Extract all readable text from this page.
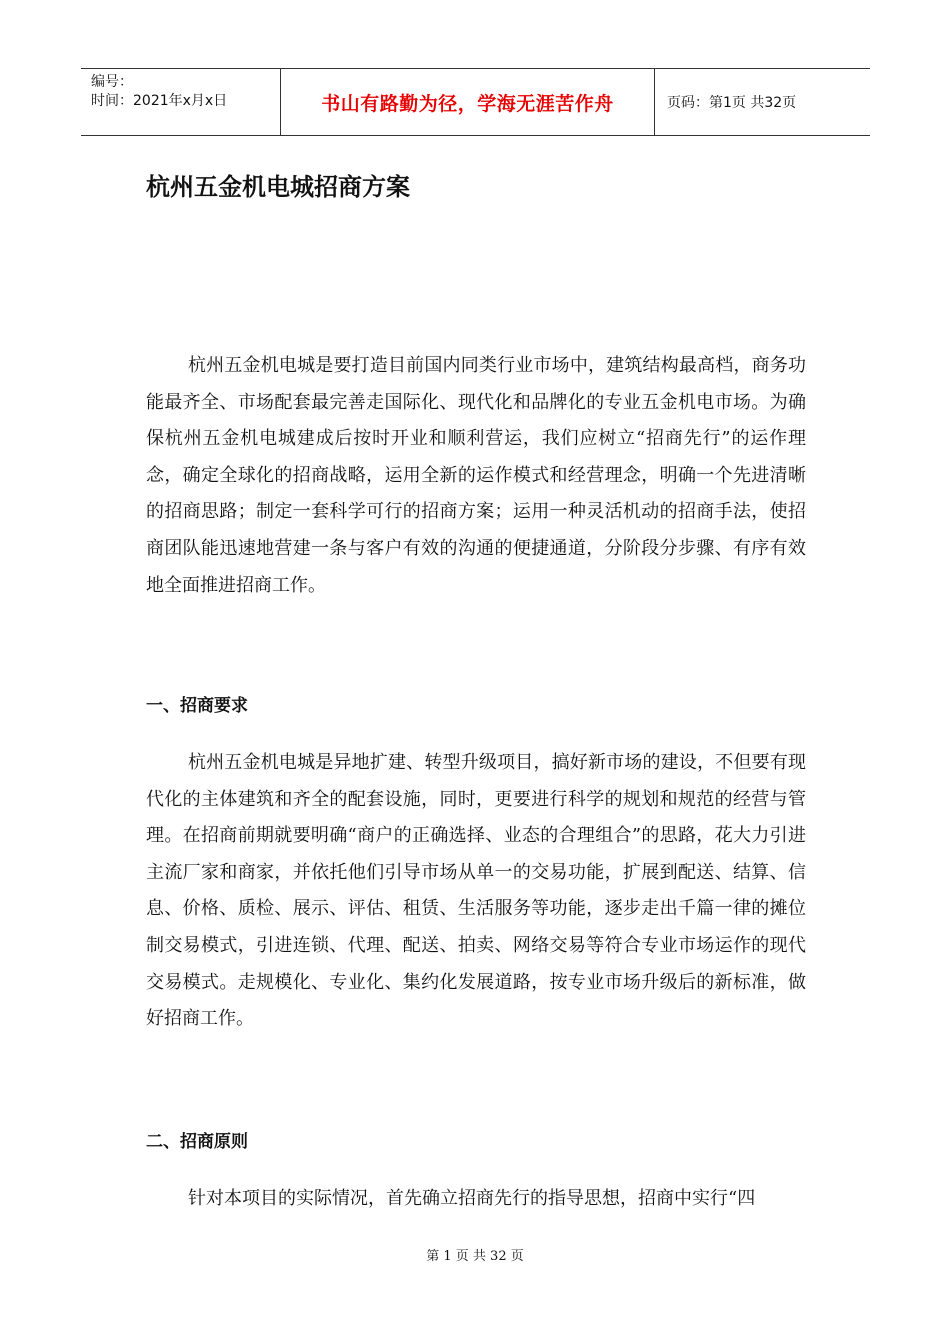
编号：
时间：2021年x月x日	书山有路勤为径，学海无涯苦作舟	页码：第1页 共32页
杭州五金机电城招商方案

杭州五金机电城是要打造目前国内同类行业市场中，建筑结构最高档，商务功能最齐全、市场配套最完善走国际化、现代化和品牌化的专业五金机电市场。为确保杭州五金机电城建成后按时开业和顺利营运，我们应树立“招商先行”的运作理念，确定全球化的招商战略，运用全新的运作模式和经营理念，明确一个先进清晰的招商思路；制定一套科学可行的招商方案；运用一种灵活机动的招商手法，使招商团队能迅速地营建一条与客户有效的沟通的便捷通道，分阶段分步骤、有序有效地全面推进招商工作。

一、招商要求

杭州五金机电城是异地扩建、转型升级项目，搞好新市场的建设，不但要有现代化的主体建筑和齐全的配套设施，同时，更要进行科学的规划和规范的经营与管理。在招商前期就要明确“商户的正确选择、业态的合理组合”的思路，花大力引进主流厂家和商家，并依托他们引导市场从单一的交易功能，扩展到配送、结算、信息、价格、质检、展示、评估、租赁、生活服务等功能，逐步走出千篇一律的摊位制交易模式，引进连锁、代理、配送、拍卖、网络交易等符合专业市场运作的现代交易模式。走规模化、专业化、集约化发展道路，按专业市场升级后的新标准，做好招商工作。

二、招商原则

针对本项目的实际情况，首先确立招商先行的指导思想，招商中实行“四

第 1 页 共 32 页
